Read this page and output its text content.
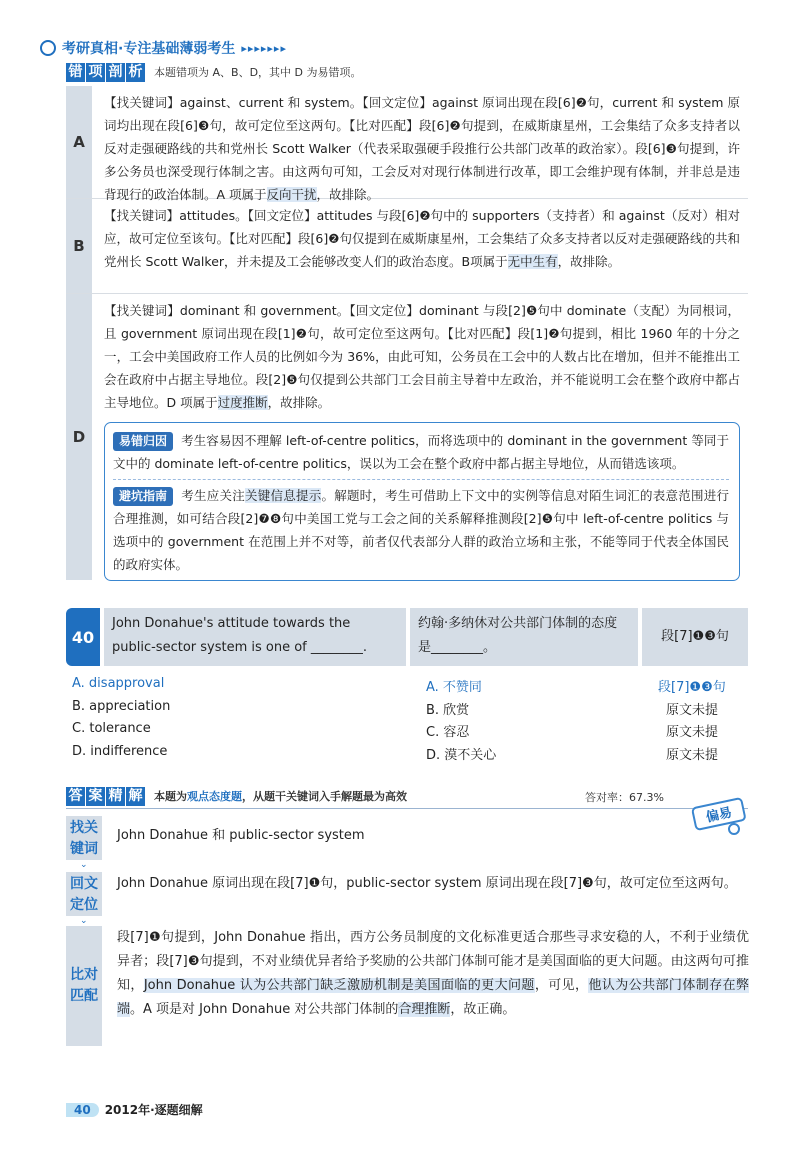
考研真相·专注基础薄弱考生 ▸▸▸▸▸▸▸
错 项 剖 析 本题错项为 A、B、D，其中 D 为易错项。
A
【找关键词】against、current 和 system。【回文定位】against 原词出现在段[6]❷句，current 和 system 原词均出现在段[6]❸句，故可定位至这两句。【比对匹配】段[6]❷句提到，在威斯康星州，工会集结了众多支持者以反对走强硬路线的共和党州长 Scott Walker（代表采取强硬手段推行公共部门改革的政治家）。段[6]❸句提到，许多公务员也深受现行体制之害。由这两句可知，工会反对对现行体制进行改革，即工会维护现有体制，并非总是违背现行的政治体制。A 项属于反向干扰，故排除。
B
【找关键词】attitudes。【回文定位】attitudes 与段[6]❷句中的 supporters（支持者）和 against（反对）相对应，故可定位至该句。【比对匹配】段[6]❷句仅提到在威斯康星州，工会集结了众多支持者以反对走强硬路线的共和党州长 Scott Walker，并未提及工会能够改变人们的政治态度。B项属于无中生有，故排除。
D
【找关键词】dominant 和 government。【回文定位】dominant 与段[2]❺句中 dominate（支配）为同根词，且 government 原词出现在段[1]❷句，故可定位至这两句。【比对匹配】段[1]❷句提到，相比 1960 年的十分之一，工会中美国政府工作人员的比例如今为 36%，由此可知，公务员在工会中的人数占比在增加，但并不能推出工会在政府中占据主导地位。段[2]❺句仅提到公共部门工会目前主导着中左政治，并不能说明工会在整个政府中都占主导地位。D 项属于过度推断，故排除。
易错归因 考生容易因不理解 left-of-centre politics，而将选项中的 dominant in the government 等同于文中的 dominate left-of-centre politics，误以为工会在整个政府中都占据主导地位，从而错选该项。
避坑指南 考生应关注关键信息提示。解题时，考生可借助上下文中的实例等信息对陌生词汇的表意范围进行合理推测，如可结合段[2]❼❽句中美国工党与工会之间的关系解释推测段[2]❺句中 left-of-centre politics 与选项中的 government 在范围上并不对等，前者仅代表部分人群的政治立场和主张，不能等同于代表全体国民的政府实体。
40
John Donahue's attitude towards the public-sector system is one of ________.
约翰·多纳休对公共部门体制的态度是________。
段[7]❶❸句
A. disapproval	A. 不赞同	段[7]❶❸句
B. appreciation	B. 欣赏	原文未提
C. tolerance	C. 容忍	原文未提
D. indifference	D. 漠不关心	原文未提
答 案 精 解 本题为观点态度题，从题干关键词入手解题最为高效	答对率：67.3%
偏易
找关
键词
⌄
John Donahue 和 public-sector system
回文
定位
⌄
John Donahue 原词出现在段[7]❶句，public-sector system 原词出现在段[7]❸句，故可定位至这两句。
比对
匹配
段[7]❶句提到，John Donahue 指出，西方公务员制度的文化标准更适合那些寻求安稳的人，不利于业绩优异者；段[7]❸句提到，不对业绩优异者给予奖励的公共部门体制可能才是美国面临的更大问题。由这两句可推知，John Donahue 认为公共部门缺乏激励机制是美国面临的更大问题，可见，他认为公共部门体制存在弊端。A 项是对 John Donahue 对公共部门体制的合理推断，故正确。
40	2012年·逐题细解
